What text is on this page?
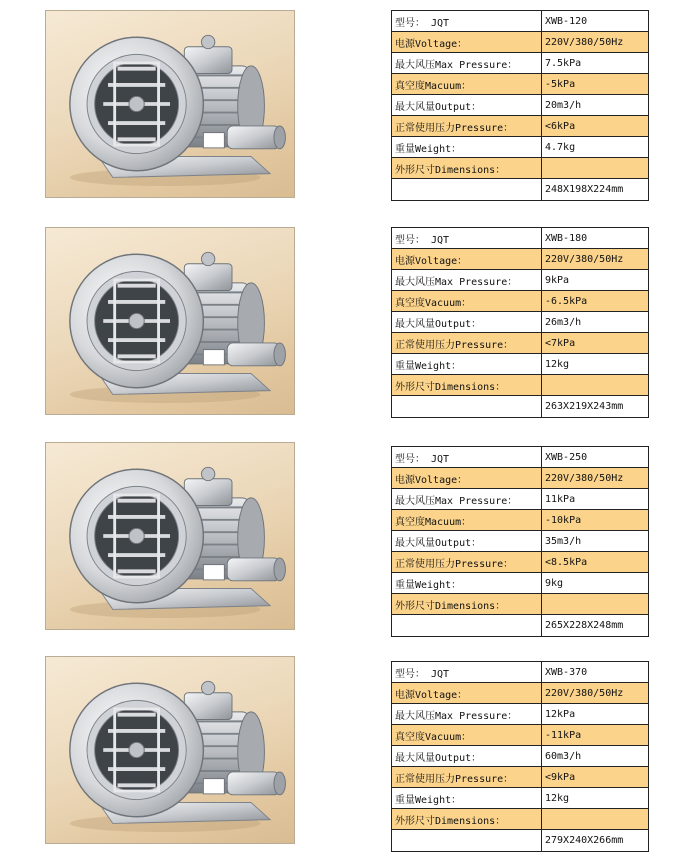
型号： JQT	XWB-120
电源Voltage：	220V/380/50Hz
最大风压Max Pressure：	7.5kPa
真空度Macuum：	-5kPa
最大风量Output：	20m3/h
正常使用压力Pressure：	<6kPa
重量Weight：	4.7kg
外形尺寸Dimensions：	
	248X198X224mm
型号： JQT	XWB-180
电源Voltage：	220V/380/50Hz
最大风压Max Pressure：	9kPa
真空度Vacuum：	-6.5kPa
最大风量Output：	26m3/h
正常使用压力Pressure：	<7kPa
重量Weight：	12kg
外形尺寸Dimensions：	
	263X219X243mm
型号： JQT	XWB-250
电源Voltage：	220V/380/50Hz
最大风压Max Pressure：	11kPa
真空度Macuum：	-10kPa
最大风量Output：	35m3/h
正常使用压力Pressure：	<8.5kPa
重量Weight：	9kg
外形尺寸Dimensions：	
	265X228X248mm
型号： JQT	XWB-370
电源Voltage：	220V/380/50Hz
最大风压Max Pressure：	12kPa
真空度Vacuum：	-11kPa
最大风量Output：	60m3/h
正常使用压力Pressure：	<9kPa
重量Weight：	12kg
外形尺寸Dimensions：	
	279X240X266mm
